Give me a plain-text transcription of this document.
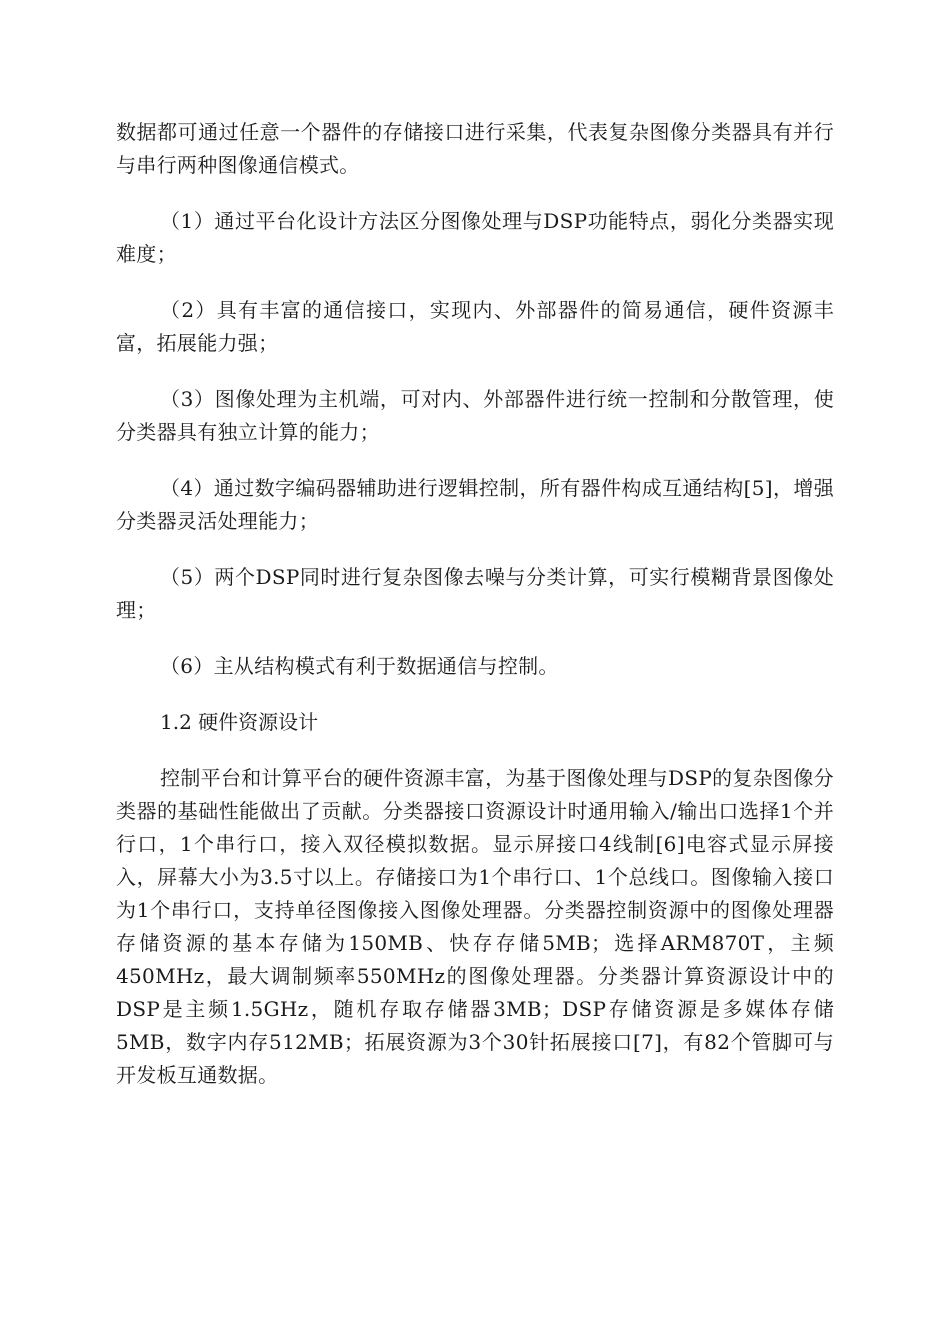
数据都可通过任意一个器件的存储接口进行采集，代表复杂图像分类器具有并行与串行两种图像通信模式。

（1）通过平台化设计方法区分图像处理与DSP功能特点，弱化分类器实现难度；

（2）具有丰富的通信接口，实现内、外部器件的简易通信，硬件资源丰富，拓展能力强；

（3）图像处理为主机端，可对内、外部器件进行统一控制和分散管理，使分类器具有独立计算的能力；

（4）通过数字编码器辅助进行逻辑控制，所有器件构成互通结构[5]，增强分类器灵活处理能力；

（5）两个DSP同时进行复杂图像去噪与分类计算，可实行模糊背景图像处理；

（6）主从结构模式有利于数据通信与控制。

1.2 硬件资源设计

控制平台和计算平台的硬件资源丰富，为基于图像处理与DSP的复杂图像分类器的基础性能做出了贡献。分类器接口资源设计时通用输入/输出口选择1个并行口，1个串行口，接入双径模拟数据。显示屏接口4线制[6]电容式显示屏接入，屏幕大小为3.5寸以上。存储接口为1个串行口、1个总线口。图像输入接口为1个串行口，支持单径图像接入图像处理器。分类器控制资源中的图像处理器存储资源的基本存储为150MB、快存存储5MB；选择ARM870T，主频450MHz，最大调制频率550MHz的图像处理器。分类器计算资源设计中的DSP是主频1.5GHz，随机存取存储器3MB；DSP存储资源是多媒体存储5MB，数字内存512MB；拓展资源为3个30针拓展接口[7]，有82个管脚可与开发板互通数据。
